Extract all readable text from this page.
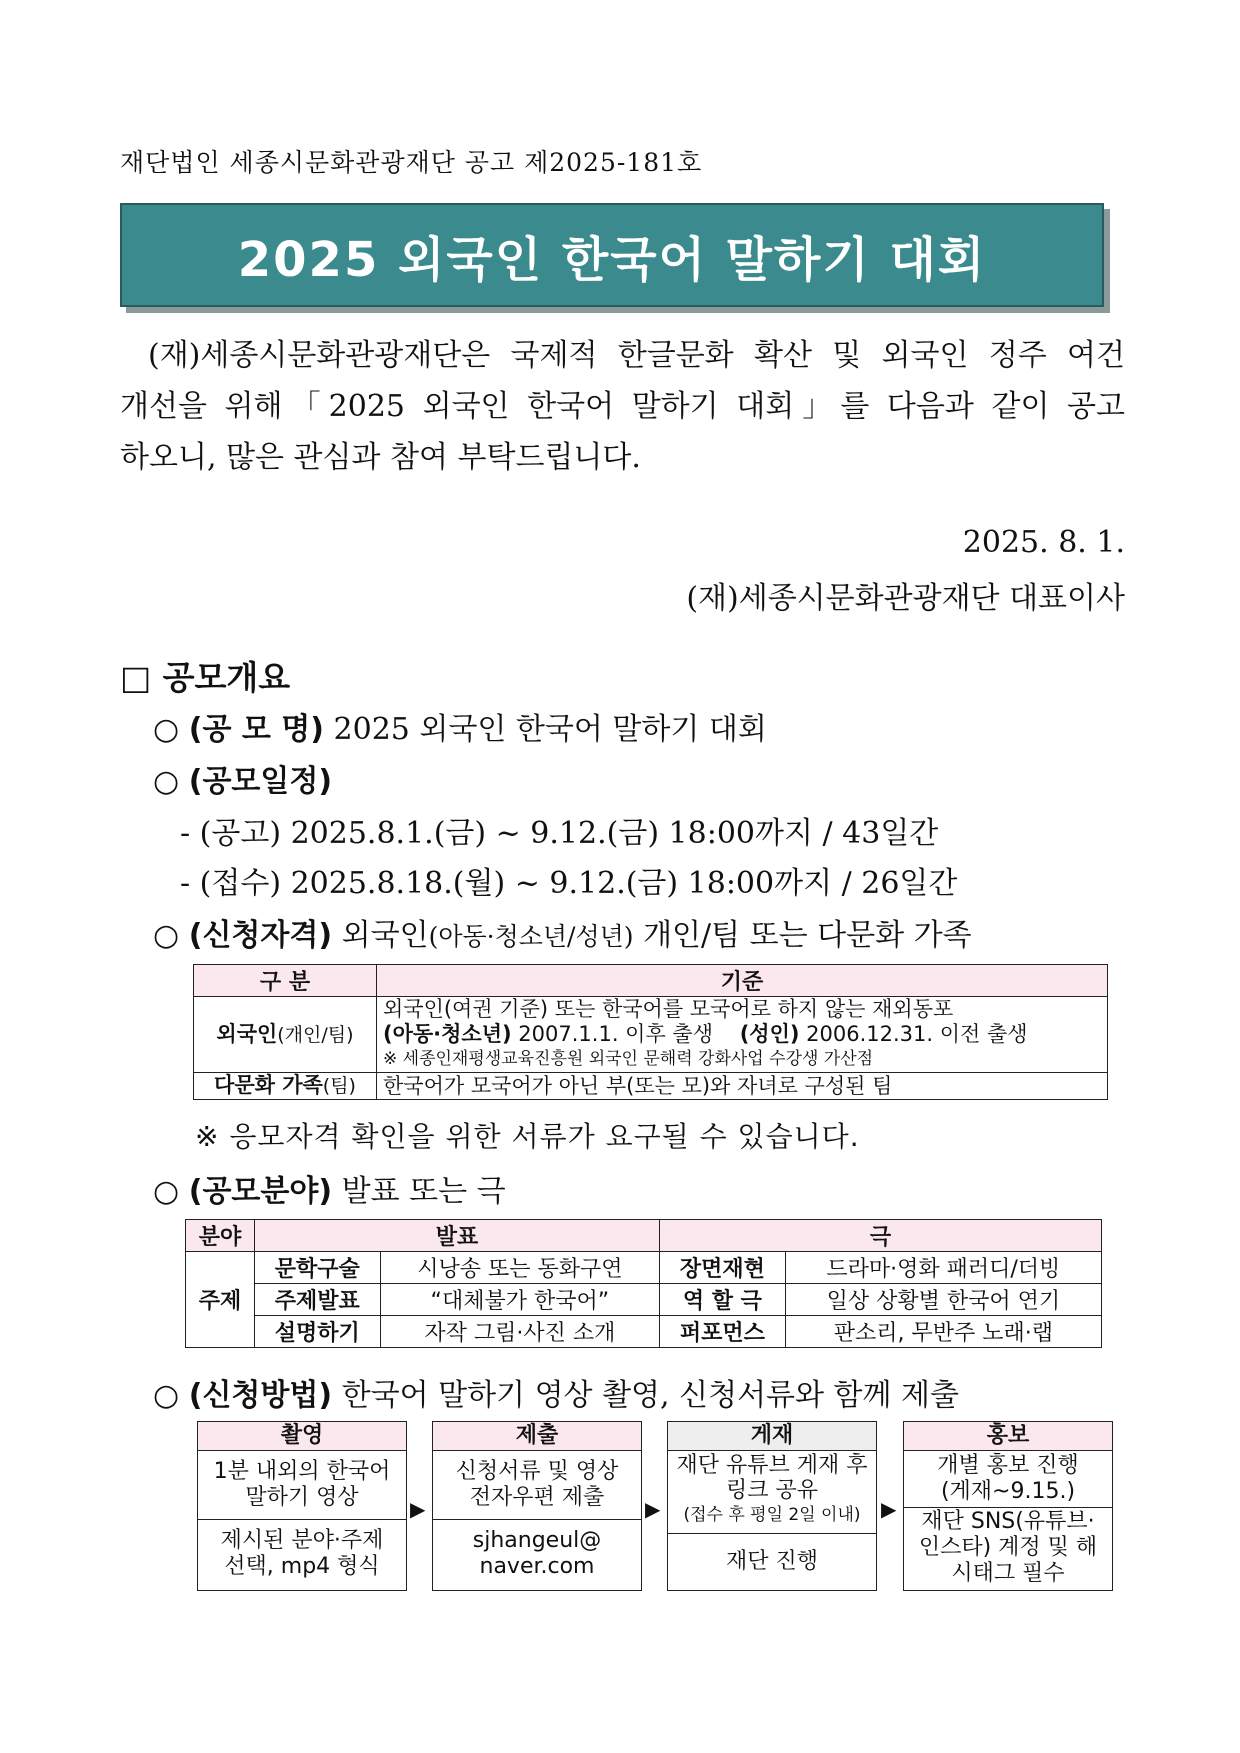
재단법인 세종시문화관광재단 공고 제2025-181호
2025 외국인 한국어 말하기 대회
(재)세종시문화관광재단은 국제적 한글문화 확산 및 외국인 정주 여건
개선을 위해「2025 외국인 한국어 말하기 대회」를 다음과 같이 공고
하오니, 많은 관심과 참여 부탁드립니다.
2025. 8. 1.
(재)세종시문화관광재단 대표이사
□ 공모개요
○ (공 모 명) 2025 외국인 한국어 말하기 대회
○ (공모일정)
- (공고) 2025.8.1.(금) ~ 9.12.(금) 18:00까지 / 43일간
- (접수) 2025.8.18.(월) ~ 9.12.(금) 18:00까지 / 26일간
○ (신청자격) 외국인(아동·청소년/성년) 개인/팀 또는 다문화 가족
구 분	기준
외국인(개인/팀)	외국인(여권 기준) 또는 한국어를 모국어로 하지 않는 재외동포
(아동·청소년) 2007.1.1. 이후 출생 (성인) 2006.12.31. 이전 출생
※ 세종인재평생교육진흥원 외국인 문해력 강화사업 수강생 가산점

다문화 가족(팀)	한국어가 모국어가 아닌 부(또는 모)와 자녀로 구성된 팀
※ 응모자격 확인을 위한 서류가 요구될 수 있습니다.
○ (공모분야) 발표 또는 극
분야	발표		극	
주제	문학구술	시낭송 또는 동화구연	장면재현	드라마·영화 패러디/더빙
	주제발표	“대체불가 한국어”	역 할 극	일상 상황별 한국어 연기
	설명하기	자작 그림·사진 소개	퍼포먼스	판소리, 무반주 노래·랩
○ (신청방법) 한국어 말하기 영상 촬영, 신청서류와 함께 제출
촬영
1분 내외의 한국어 말하기 영상
제시된 분야·주제 선택, mp4 형식
▶
제출
신청서류 및 영상 전자우편 제출
sjhangeul@ naver.com
▶
게재
재단 유튜브 게재 후 링크 공유
(접수 후 평일 2일 이내)
재단 진행
▶
홍보
개별 홍보 진행 (게재~9.15.)
재단 SNS(유튜브·인스타) 계정 및 해시태그 필수
